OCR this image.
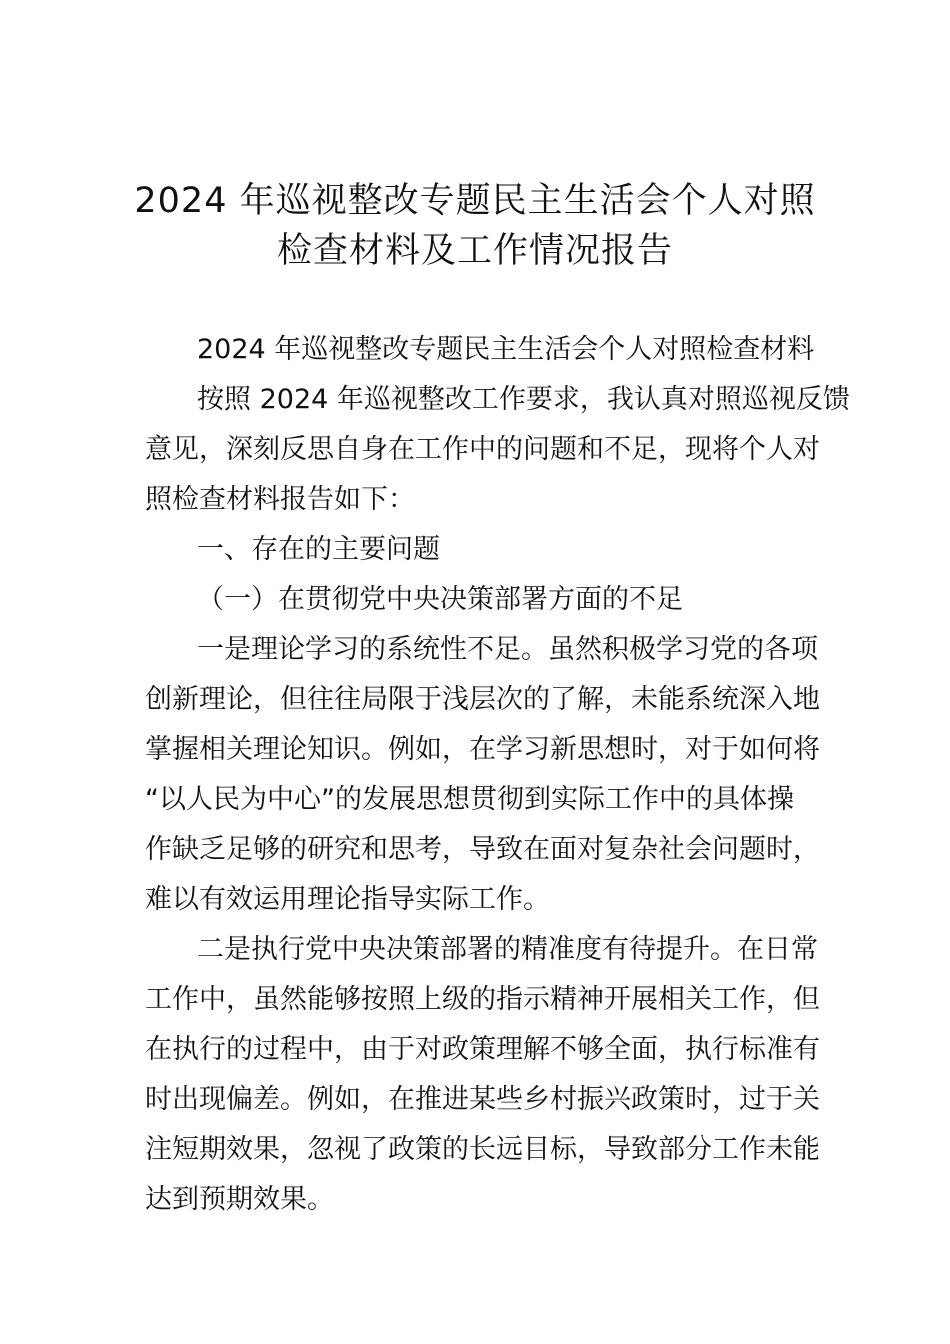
2024 年巡视整改专题民主生活会个人对照
检查材料及工作情况报告

2024 年巡视整改专题民主生活会个人对照检查材料

按照 2024 年巡视整改工作要求，我认真对照巡视反馈

意见，深刻反思自身在工作中的问题和不足，现将个人对

照检查材料报告如下：

一、存在的主要问题

（一）在贯彻党中央决策部署方面的不足

一是理论学习的系统性不足。虽然积极学习党的各项

创新理论，但往往局限于浅层次的了解，未能系统深入地

掌握相关理论知识。例如，在学习新思想时，对于如何将

“以人民为中心”的发展思想贯彻到实际工作中的具体操

作缺乏足够的研究和思考，导致在面对复杂社会问题时，

难以有效运用理论指导实际工作。

二是执行党中央决策部署的精准度有待提升。在日常

工作中，虽然能够按照上级的指示精神开展相关工作，但

在执行的过程中，由于对政策理解不够全面，执行标准有

时出现偏差。例如，在推进某些乡村振兴政策时，过于关

注短期效果，忽视了政策的长远目标，导致部分工作未能

达到预期效果。
